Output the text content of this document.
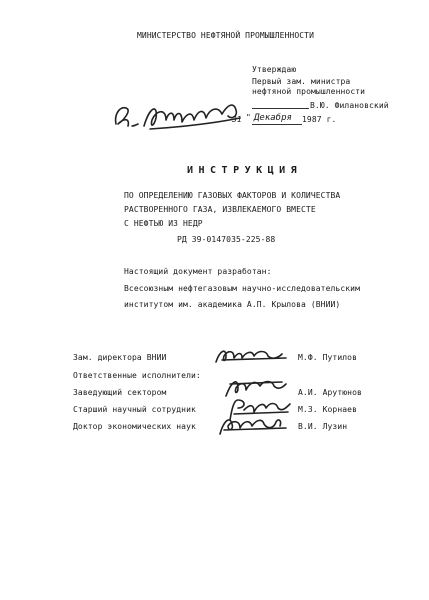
МИНИСТЕРСТВО НЕФТЯНОЙ ПРОМЫШЛЕННОСТИ
Утверждаю
Первый зам. министра
нефтяной промышленности
В.Ю. Филановский
31 " Декабря 1987 г.
ИНСТРУКЦИЯ
ПО ОПРЕДЕЛЕНИЮ ГАЗОВЫХ ФАКТОРОВ И КОЛИЧЕСТВА
РАСТВОРЕННОГО ГАЗА, ИЗВЛЕКАЕМОГО ВМЕСТЕ
С НЕФТЬЮ ИЗ НЕДР
РД 39-0147035-225-88
Настоящий документ разработан:
Всесоюзным нефтегазовым научно-исследовательским
институтом им. академика А.П. Крылова (ВНИИ)
Зам. директора ВНИИ	М.Ф. Путилов
Ответственные исполнители:
Заведующий сектором	А.И. Арутюнов
Старший научный сотрудник	М.З. Корнаев
Доктор экономических наук	В.И. Лузин
